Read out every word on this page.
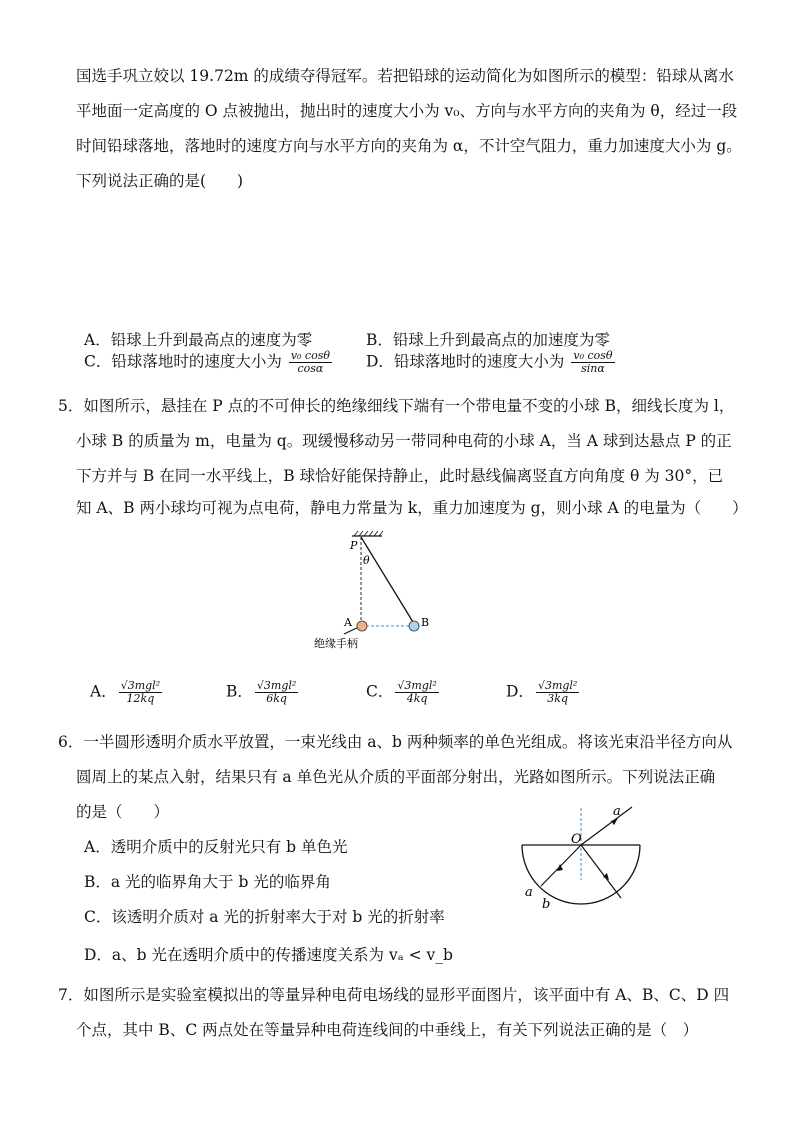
国选手巩立姣以 19.72m 的成绩夺得冠军。若把铅球的运动简化为如图所示的模型：铅球从离水
平地面一定高度的 O 点被抛出，抛出时的速度大小为 v₀、方向与水平方向的夹角为 θ，经过一段
时间铅球落地，落地时的速度方向与水平方向的夹角为 α，不计空气阻力，重力加速度大小为 g。
下列说法正确的是(　　)
A．铅球上升到最高点的速度为零	B．铅球上升到最高点的加速度为零
C．铅球落地时的速度大小为 $\frac{\text{v₀ cosθ}}{\cos\alpha}$ D．铅球落地时的速度大小为 $\frac{\text{v₀ cosθ}}{\sin\alpha}$
5．如图所示，悬挂在 P 点的不可伸长的绝缘细线下端有一个带电量不变的小球 B，细线长度为 l，
小球 B 的质量为 m，电量为 q。现缓慢移动另一带同种电荷的小球 A，当 A 球到达悬点 P 的正
下方并与 B 在同一水平线上，B 球恰好能保持静止，此时悬线偏离竖直方向角度 θ 为 30°，已
知 A、B 两小球均可视为点电荷，静电力常量为 k，重力加速度为 g，则小球 A 的电量为（　　）
P
θ
A	B
绝缘手柄
A． $\frac{\text{√3mgl²}}{12kq}$	B． $\frac{\text{√3mgl²}}{6kq}$	C． $\frac{\text{√3mgl²}}{4kq}$	D． $\frac{\text{√3mgl²}}{3kq}$
6．一半圆形透明介质水平放置，一束光线由 a、b 两种频率的单色光组成。将该光束沿半径方向从
圆周上的某点入射，结果只有 a 单色光从介质的平面部分射出，光路如图所示。下列说法正确
的是（　　）
A．透明介质中的反射光只有 b 单色光
B．a 光的临界角大于 b 光的临界角
C．该透明介质对 a 光的折射率大于对 b 光的折射率
D．a、b 光在透明介质中的传播速度关系为 vₐ < v_b
O
a
a
b
7．如图所示是实验室模拟出的等量异种电荷电场线的显形平面图片，该平面中有 A、B、C、D 四
个点，其中 B、C 两点处在等量异种电荷连线间的中垂线上，有关下列说法正确的是（　）
